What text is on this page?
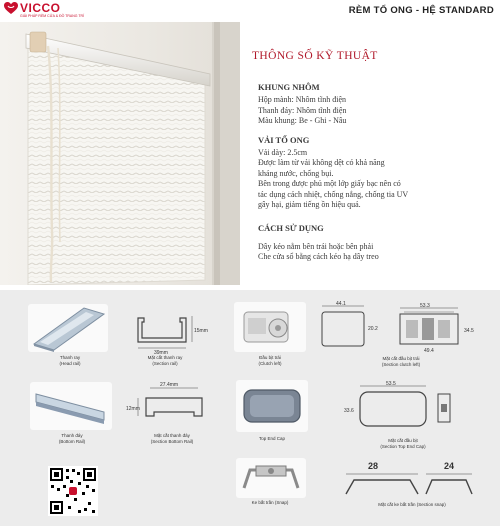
VICCO
GIẢI PHÁP RÈM CỬA & ĐỒ TRANG TRÍ	RÈM TỔ ONG - HỆ STANDARD
THÔNG SỐ KỸ THUẬT
KHUNG NHÔM
Hộp mành: Nhôm tĩnh điện
Thanh đáy: Nhôm tĩnh điện
Màu khung: Be - Ghi - Nâu
VẢI TỔ ONG
Vải dày: 2.5cm
Được làm từ vải không dệt có khả năng
kháng nước, chống bụi.
Bên trong được phủ một lớp giấy bạc nên có
tác dụng cách nhiệt, chống nắng, chống tia UV
gây hại, giảm tiếng ồn hiệu quả.
CÁCH SỬ DỤNG
Dây kéo nằm bên trái hoặc bên phải
Che cửa sổ bằng cách kéo hạ dây treo
Thanh ray
(Head rail)
15mm
39mm
Mặt cắt thanh ray
(Section rail)
Đầu bịt trái
(Clutch left)
44.1
20.2
53.3
49.4
34.5
Mặt cắt đầu bịt trái
(Section clutch left)
Thanh đáy
(Bottom Rail)
27.4mm
12mm
Mặt cắt thanh đáy
(Section Bottom Rail)	Top End Cap
53.5
33.6
Mặt cắt đầu bịt
(Section Top End Cap)
Ke bắt trần (Snap)
28	24
Mặt cắt ke bắt trần (Section snap)
